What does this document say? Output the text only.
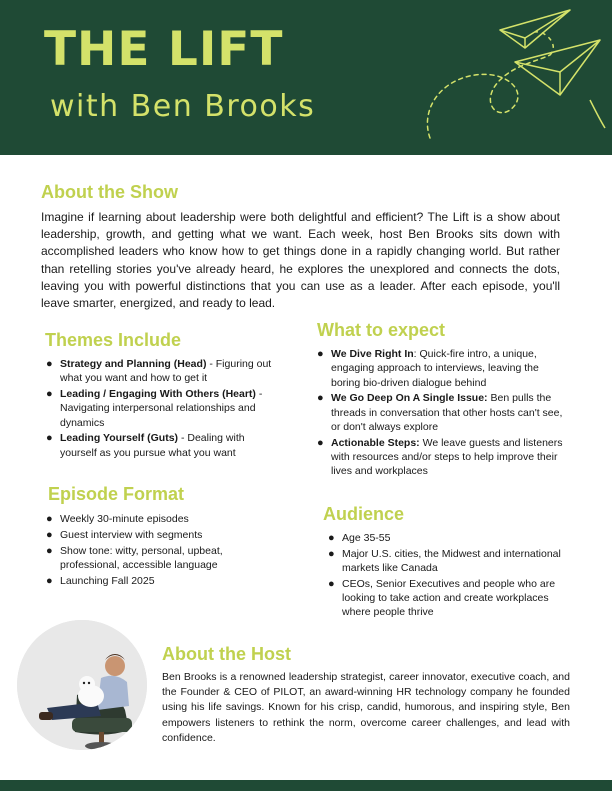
THE LIFT
with Ben Brooks
About the Show

Imagine if learning about leadership were both delightful and efficient? The Lift is a show about leadership, growth, and getting what we want. Each week, host Ben Brooks sits down with accomplished leaders who know how to get things done in a rapidly changing world. But rather than retelling stories you've already heard, he explores the unexplored and connects the dots, leaving you with powerful distinctions that you can use as a leader. After each episode, you'll leave smarter, energized, and ready to lead.

Themes Include
● Strategy and Planning (Head) - Figuring out what you want and how to get it
● Leading / Engaging With Others (Heart) - Navigating interpersonal relationships and dynamics
● Leading Yourself (Guts) - Dealing with yourself as you pursue what you want
What to expect
● We Dive Right In: Quick-fire intro, a unique, engaging approach to interviews, leaving the boring bio-driven dialogue behind
● We Go Deep On A Single Issue: Ben pulls the threads in conversation that other hosts can't see, or don't always explore
● Actionable Steps: We leave guests and listeners with resources and/or steps to help improve their lives and workplaces
Episode Format
● Weekly 30-minute episodes
● Guest interview with segments
● Show tone: witty, personal, upbeat, professional, accessible language
● Launching Fall 2025
Audience
● Age 35-55
● Major U.S. cities, the Midwest and international markets like Canada
● CEOs, Senior Executives and people who are looking to take action and create workplaces where people thrive
About the Host

Ben Brooks is a renowned leadership strategist, career innovator, executive coach, and the Founder & CEO of PILOT, an award-winning HR technology company he founded using his life savings. Known for his crisp, candid, humorous, and inspiring style, Ben empowers listeners to rethink the norm, overcome career challenges, and lead with confidence.
